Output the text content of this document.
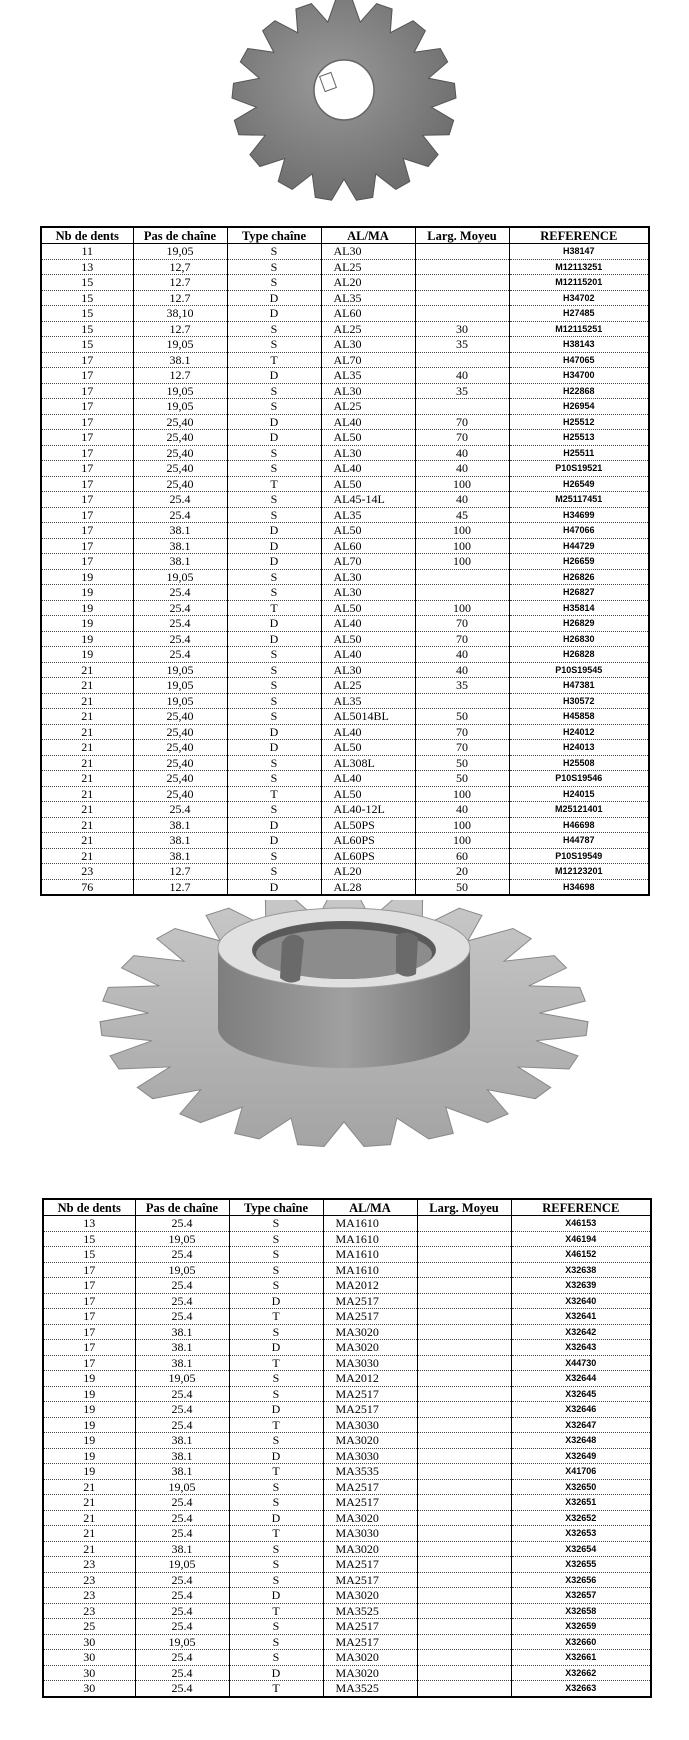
Nb de dents	Pas de chaîne	Type chaîne	AL/MA	Larg. Moyeu	REFERENCE
11	19,05	S	AL30		H38147
13	12,7	S	AL25		M12113251
15	12.7	S	AL20		M12115201
15	12.7	D	AL35		H34702
15	38,10	D	AL60		H27485
15	12.7	S	AL25	30	M12115251
15	19,05	S	AL30	35	H38143
17	38.1	T	AL70		H47065
17	12.7	D	AL35	40	H34700
17	19,05	S	AL30	35	H22868
17	19,05	S	AL25		H26954
17	25,40	D	AL40	70	H25512
17	25,40	D	AL50	70	H25513
17	25,40	S	AL30	40	H25511
17	25,40	S	AL40	40	P10S19521
17	25,40	T	AL50	100	H26549
17	25.4	S	AL45-14L	40	M25117451
17	25.4	S	AL35	45	H34699
17	38.1	D	AL50	100	H47066
17	38.1	D	AL60	100	H44729
17	38.1	D	AL70	100	H26659
19	19,05	S	AL30		H26826
19	25.4	S	AL30		H26827
19	25.4	T	AL50	100	H35814
19	25.4	D	AL40	70	H26829
19	25.4	D	AL50	70	H26830
19	25.4	S	AL40	40	H26828
21	19,05	S	AL30	40	P10S19545
21	19,05	S	AL25	35	H47381
21	19,05	S	AL35		H30572
21	25,40	S	AL5014BL	50	H45858
21	25,40	D	AL40	70	H24012
21	25,40	D	AL50	70	H24013
21	25,40	S	AL308L	50	H25508
21	25,40	S	AL40	50	P10S19546
21	25,40	T	AL50	100	H24015
21	25.4	S	AL40-12L	40	M25121401
21	38.1	D	AL50PS	100	H46698
21	38.1	D	AL60PS	100	H44787
21	38.1	S	AL60PS	60	P10S19549
23	12.7	S	AL20	20	M12123201
76	12.7	D	AL28	50	H34698
Nb de dents	Pas de chaîne	Type chaîne	AL/MA	Larg. Moyeu	REFERENCE
13	25.4	S	MA1610		X46153
15	19,05	S	MA1610		X46194
15	25.4	S	MA1610		X46152
17	19,05	S	MA1610		X32638
17	25.4	S	MA2012		X32639
17	25.4	D	MA2517		X32640
17	25.4	T	MA2517		X32641
17	38.1	S	MA3020		X32642
17	38.1	D	MA3020		X32643
17	38.1	T	MA3030		X44730
19	19,05	S	MA2012		X32644
19	25.4	S	MA2517		X32645
19	25.4	D	MA2517		X32646
19	25.4	T	MA3030		X32647
19	38.1	S	MA3020		X32648
19	38.1	D	MA3030		X32649
19	38.1	T	MA3535		X41706
21	19,05	S	MA2517		X32650
21	25.4	S	MA2517		X32651
21	25.4	D	MA3020		X32652
21	25.4	T	MA3030		X32653
21	38.1	S	MA3020		X32654
23	19,05	S	MA2517		X32655
23	25.4	S	MA2517		X32656
23	25.4	D	MA3020		X32657
23	25.4	T	MA3525		X32658
25	25.4	S	MA2517		X32659
30	19,05	S	MA2517		X32660
30	25.4	S	MA3020		X32661
30	25.4	D	MA3020		X32662
30	25.4	T	MA3525		X32663
